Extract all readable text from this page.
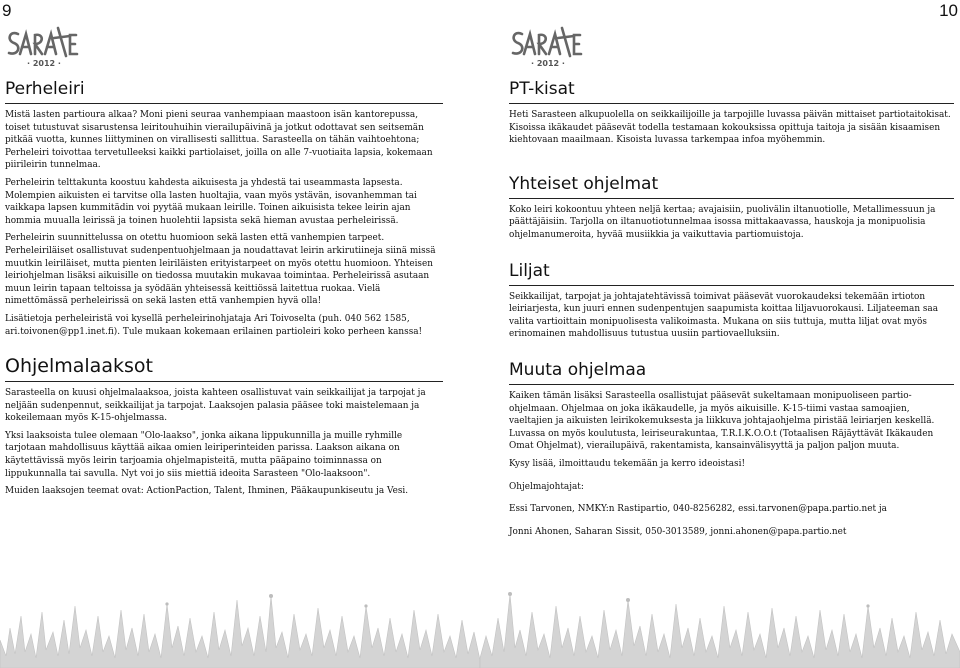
9
· 2012 ·
Perheleiri

Mistä lasten partioura alkaa? Moni pieni seuraa vanhempiaan maastoon isän kantorepussa, toiset tutustuvat sisarustensa leiritouhuihin vierailupäivinä ja jotkut odottavat sen seitsemän pitkää vuotta, kunnes liittyminen on virallisesti sallittua. Sarasteella on tähän vaihtoehtona; Perheleiri toivottaa tervetulleeksi kaikki partiolaiset, joilla on alle 7-vuotiaita lapsia, kokemaan piirileirin tunnelmaa.

Perheleirin telttakunta koostuu kahdesta aikuisesta ja yhdestä tai useammasta lapsesta. Molempien aikuisten ei tarvitse olla lasten huoltajia, vaan myös ystävän, isovanhemman tai vaikkapa lapsen kummitädin voi pyytää mukaan leirille. Toinen aikuisista tekee leirin ajan hommia muualla leirissä ja toinen huolehtii lapsista sekä hieman avustaa perheleirissä.

Perheleirin suunnittelussa on otettu huomioon sekä lasten että vanhempien tarpeet. Perheleiriläiset osallistuvat sudenpentuohjelmaan ja noudattavat leirin arkirutiineja siinä missä muutkin leiriläiset, mutta pienten leiriläisten erityistarpeet on myös otettu huomioon. Yhteisen leiriohjelman lisäksi aikuisille on tiedossa muutakin mukavaa toimintaa. Perheleirissä asutaan muun leirin tapaan teltoissa ja syödään yhteisessä keittiössä laitettua ruokaa. Vielä nimettömässä perheleirissä on sekä lasten että vanhempien hyvä olla!

Lisätietoja perheleiristä voi kysellä perheleirinohjataja Ari Toivoselta (puh. 040 562 1585, ari.toivonen@pp1.inet.fi). Tule mukaan kokemaan erilainen partioleiri koko perheen kanssa!

Ohjelmalaaksot

Sarasteella on kuusi ohjelmalaaksoa, joista kahteen osallistuvat vain seikkailijat ja tarpojat ja neljään sudenpennut, seikkailijat ja tarpojat. Laaksojen palasia pääsee toki maistelemaan ja kokeilemaan myös K-15-ohjelmassa.

Yksi laaksoista tulee olemaan "Olo-laakso", jonka aikana lippukunnilla ja muille ryhmille tarjotaan mahdollisuus käyttää aikaa omien leiriperinteiden parissa. Laakson aikana on käytettävissä myös leirin tarjoamia ohjelmapisteitä, mutta pääpaino toiminnassa on lippukunnalla tai savulla. Nyt voi jo siis miettiä ideoita Sarasteen "Olo-laaksoon".

Muiden laaksojen teemat ovat: ActionPaction, Talent, Ihminen, Pääkaupunkiseutu ja Vesi.

10
· 2012 ·
PT-kisat

Heti Sarasteen alkupuolella on seikkailijoille ja tarpojille luvassa päivän mittaiset partiotaitokisat. Kisoissa ikäkaudet pääsevät todella testamaan kokouksissa opittuja taitoja ja sisään kisaamisen kiehtovaan maailmaan. Kisoista luvassa tarkempaa infoa myöhemmin.

Yhteiset ohjelmat

Koko leiri kokoontuu yhteen neljä kertaa; avajaisiin, puolivälin iltanuotiolle, Metallimessuun ja päättäjäisiin. Tarjolla on iltanuotiotunnelmaa isossa mittakaavassa, hauskoja ja monipuolisia ohjelmanumeroita, hyvää musiikkia ja vaikuttavia partiomuistoja.

Liljat

Seikkailijat, tarpojat ja johtajatehtävissä toimivat pääsevät vuorokaudeksi tekemään irtioton leiriarjesta, kun juuri ennen sudenpentujen saapumista koittaa liljavuorokausi. Liljateeman saa valita vartioittain monipuolisesta valikoimasta. Mukana on siis tuttuja, mutta liljat ovat myös erinomainen mahdollisuus tutustua uusiin partiovaelluksiin.

Muuta ohjelmaa

Kaiken tämän lisäksi Sarasteella osallistujat pääsevät sukeltamaan monipuoliseen partio-ohjelmaan. Ohjelmaa on joka ikäkaudelle, ja myös aikuisille. K-15-tiimi vastaa samoajien, vaeltajien ja aikuisten leirikokemuksesta ja liikkuva johtajaohjelma piristää leiriarjen keskellä. Luvassa on myös koulutusta, leiriseurakuntaa, T.R.I.K.O.O.t (Totaalisen Räjäyttävät Ikäkauden Omat Ohjelmat), vierailupäivä, rakentamista, kansainvälisyyttä ja paljon paljon muuta.

Kysy lisää, ilmoittaudu tekemään ja kerro ideoistasi!

Ohjelmajohtajat:

Essi Tarvonen, NMKY:n Rastipartio, 040-8256282, essi.tarvonen@papa.partio.net ja

Jonni Ahonen, Saharan Sissit, 050-3013589, jonni.ahonen@papa.partio.net
